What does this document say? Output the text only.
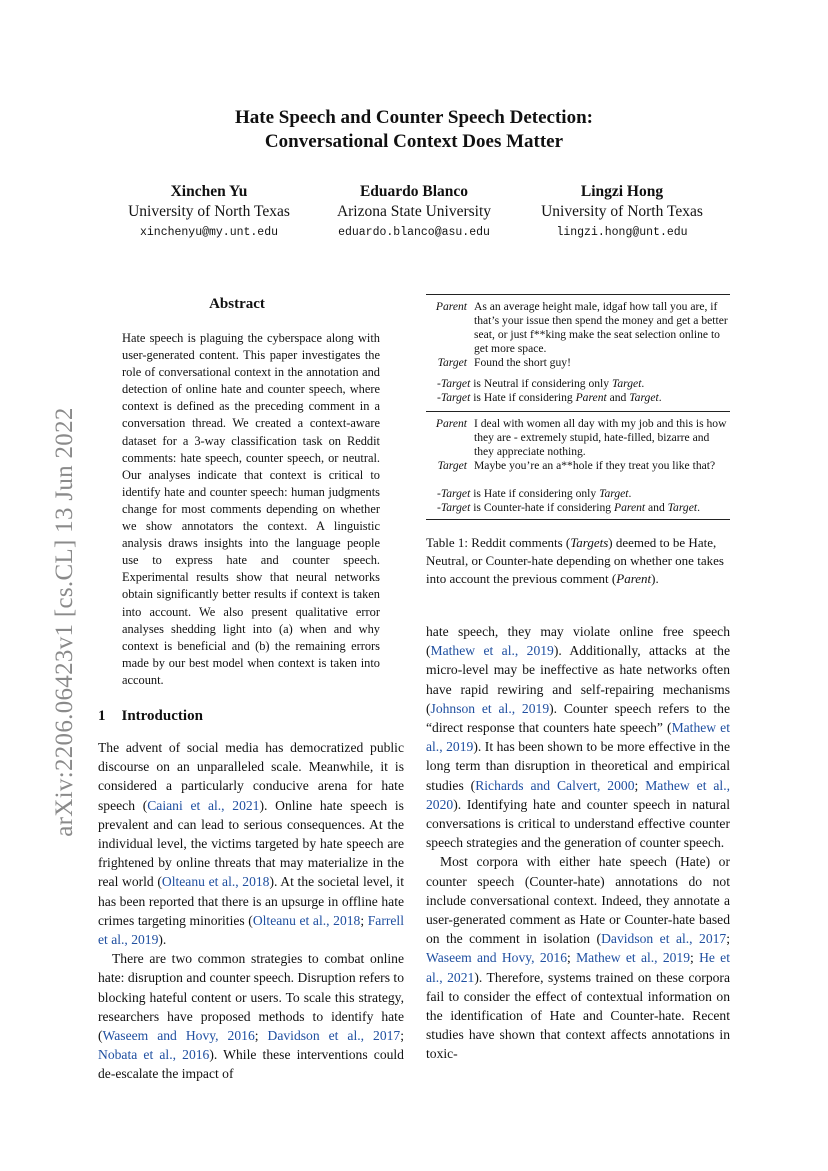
Hate Speech and Counter Speech Detection:
Conversational Context Does Matter
Xinchen Yu
University of North Texas
xinchenyu@my.unt.edu
Eduardo Blanco
Arizona State University
eduardo.blanco@asu.edu
Lingzi Hong
University of North Texas
lingzi.hong@unt.edu
arXiv:2206.06423v1 [cs.CL] 13 Jun 2022
Abstract
Hate speech is plaguing the cyberspace along with user-generated content. This paper investigates the role of conversational context in the annotation and detection of online hate and counter speech, where context is defined as the preceding comment in a conversation thread. We created a context-aware dataset for a 3-way classification task on Reddit comments: hate speech, counter speech, or neutral. Our analyses indicate that context is critical to identify hate and counter speech: human judgments change for most comments depending on whether we show annotators the context. A linguistic analysis draws insights into the language people use to express hate and counter speech. Experimental results show that neural networks obtain significantly better results if context is taken into account. We also present qualitative error analyses shedding light into (a) when and why context is beneficial and (b) the remaining errors made by our best model when context is taken into account.
Parent As an average height male, idgaf how tall you are, if that’s your issue then spend the money and get a better seat, or just f**king make the seat selection online to get more space.
Target Found the short guy!
-Target is Neutral if considering only Target.
-Target is Hate if considering Parent and Target.
Parent I deal with women all day with my job and this is how they are - extremely stupid, hate-filled, bizarre and they appreciate nothing.
Target Maybe you’re an a**hole if they treat you like that?
-Target is Hate if considering only Target.
-Target is Counter-hate if considering Parent and Target.
Table 1: Reddit comments (Targets) deemed to be Hate, Neutral, or Counter-hate depending on whether one takes into account the previous comment (Parent).
1 Introduction

The advent of social media has democratized public discourse on an unparalleled scale. Meanwhile, it is considered a particularly conducive arena for hate speech (Caiani et al., 2021). Online hate speech is prevalent and can lead to serious consequences. At the individual level, the victims targeted by hate speech are frightened by online threats that may materialize in the real world (Olteanu et al., 2018). At the societal level, it has been reported that there is an upsurge in offline hate crimes targeting minorities (Olteanu et al., 2018; Farrell et al., 2019).

There are two common strategies to combat online hate: disruption and counter speech. Disruption refers to blocking hateful content or users. To scale this strategy, researchers have proposed methods to identify hate (Waseem and Hovy, 2016; Davidson et al., 2017; Nobata et al., 2016). While these interventions could de-escalate the impact of

hate speech, they may violate online free speech (Mathew et al., 2019). Additionally, attacks at the micro-level may be ineffective as hate networks often have rapid rewiring and self-repairing mechanisms (Johnson et al., 2019). Counter speech refers to the “direct response that counters hate speech” (Mathew et al., 2019). It has been shown to be more effective in the long term than disruption in theoretical and empirical studies (Richards and Calvert, 2000; Mathew et al., 2020). Identifying hate and counter speech in natural conversations is critical to understand effective counter speech strategies and the generation of counter speech.

Most corpora with either hate speech (Hate) or counter speech (Counter-hate) annotations do not include conversational context. Indeed, they annotate a user-generated comment as Hate or Counter-hate based on the comment in isolation (Davidson et al., 2017; Waseem and Hovy, 2016; Mathew et al., 2019; He et al., 2021). Therefore, systems trained on these corpora fail to consider the effect of contextual information on the identification of Hate and Counter-hate. Recent studies have shown that context affects annotations in toxic-
